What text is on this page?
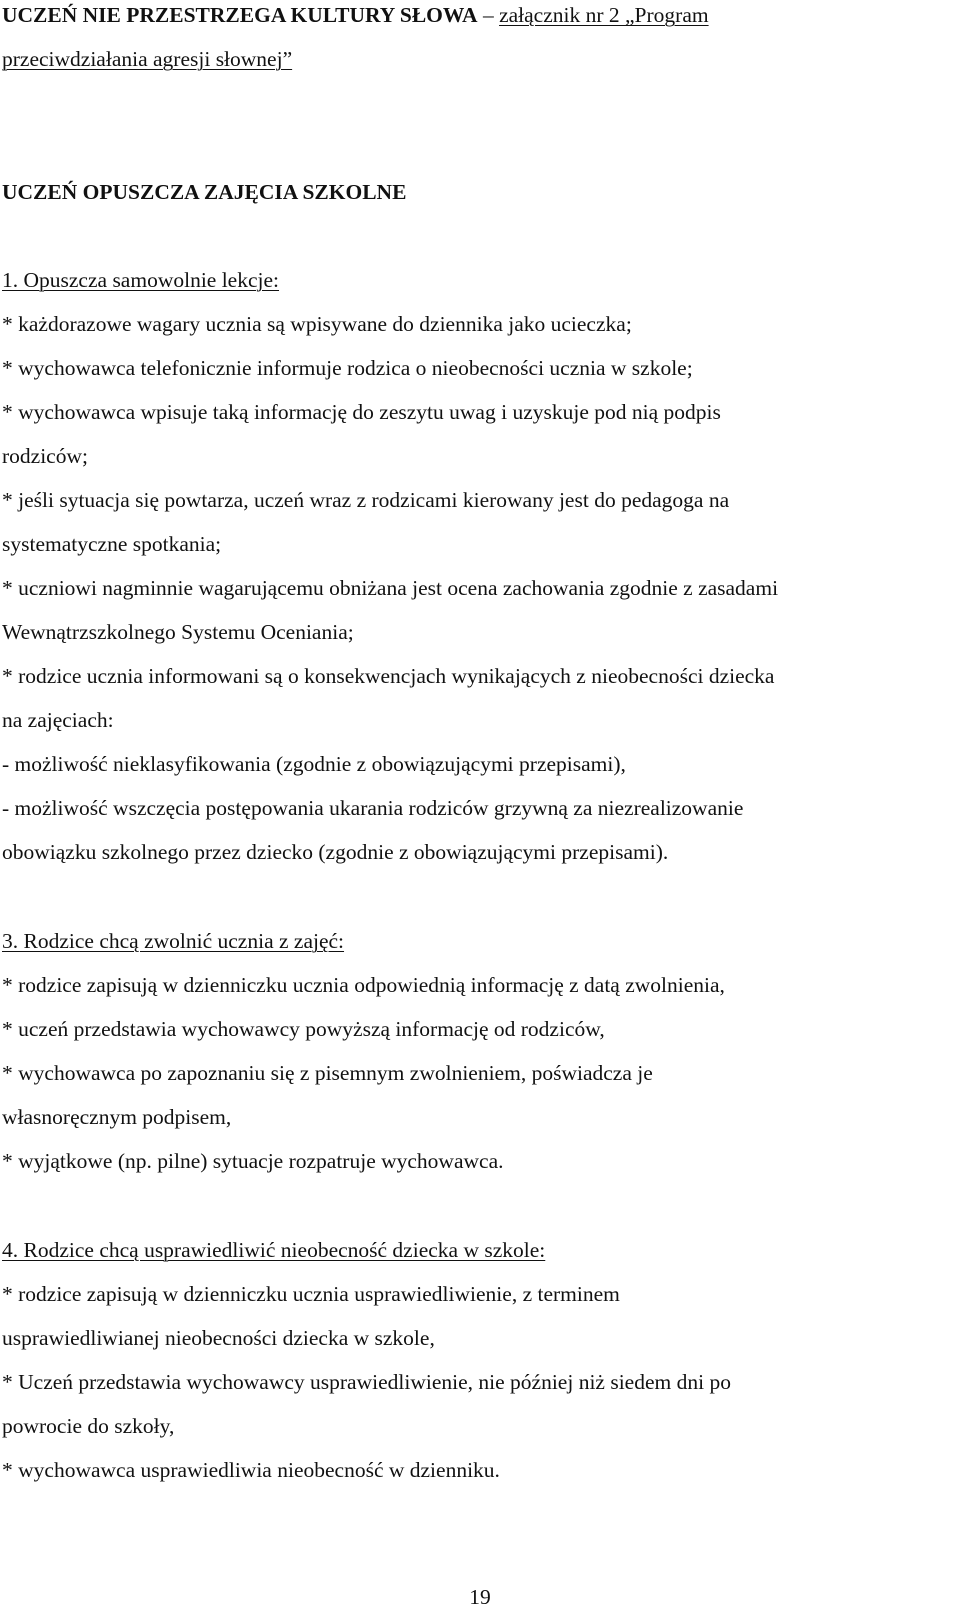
UCZEŃ NIE PRZESTRZEGA KULTURY SŁOWA – załącznik nr 2 „Program
przeciwdziałania agresji słownej”
UCZEŃ OPUSZCZA ZAJĘCIA SZKOLNE
1. Opuszcza samowolnie lekcje:
* każdorazowe wagary ucznia są wpisywane do dziennika jako ucieczka;
* wychowawca telefonicznie informuje rodzica o nieobecności ucznia w szkole;
* wychowawca wpisuje taką informację do zeszytu uwag i uzyskuje pod nią podpis
rodziców;
* jeśli sytuacja się powtarza, uczeń wraz z rodzicami kierowany jest do pedagoga na
systematyczne spotkania;
* uczniowi nagminnie wagarującemu obniżana jest ocena zachowania zgodnie z zasadami
Wewnątrzszkolnego Systemu Oceniania;
* rodzice ucznia informowani są o konsekwencjach wynikających z nieobecności dziecka
na zajęciach:
- możliwość nieklasyfikowania (zgodnie z obowiązującymi przepisami),
- możliwość wszczęcia postępowania ukarania rodziców grzywną za niezrealizowanie
obowiązku szkolnego przez dziecko (zgodnie z obowiązującymi przepisami).
3. Rodzice chcą zwolnić ucznia z zajęć:
* rodzice zapisują w dzienniczku ucznia odpowiednią informację z datą zwolnienia,
* uczeń przedstawia wychowawcy powyższą informację od rodziców,
* wychowawca po zapoznaniu się z pisemnym zwolnieniem, poświadcza je
własnoręcznym podpisem,
* wyjątkowe (np. pilne) sytuacje rozpatruje wychowawca.
4. Rodzice chcą usprawiedliwić nieobecność dziecka w szkole:
* rodzice zapisują w dzienniczku ucznia usprawiedliwienie, z terminem
usprawiedliwianej nieobecności dziecka w szkole,
* Uczeń przedstawia wychowawcy usprawiedliwienie, nie później niż siedem dni po
powrocie do szkoły,
* wychowawca usprawiedliwia nieobecność w dzienniku.
19
